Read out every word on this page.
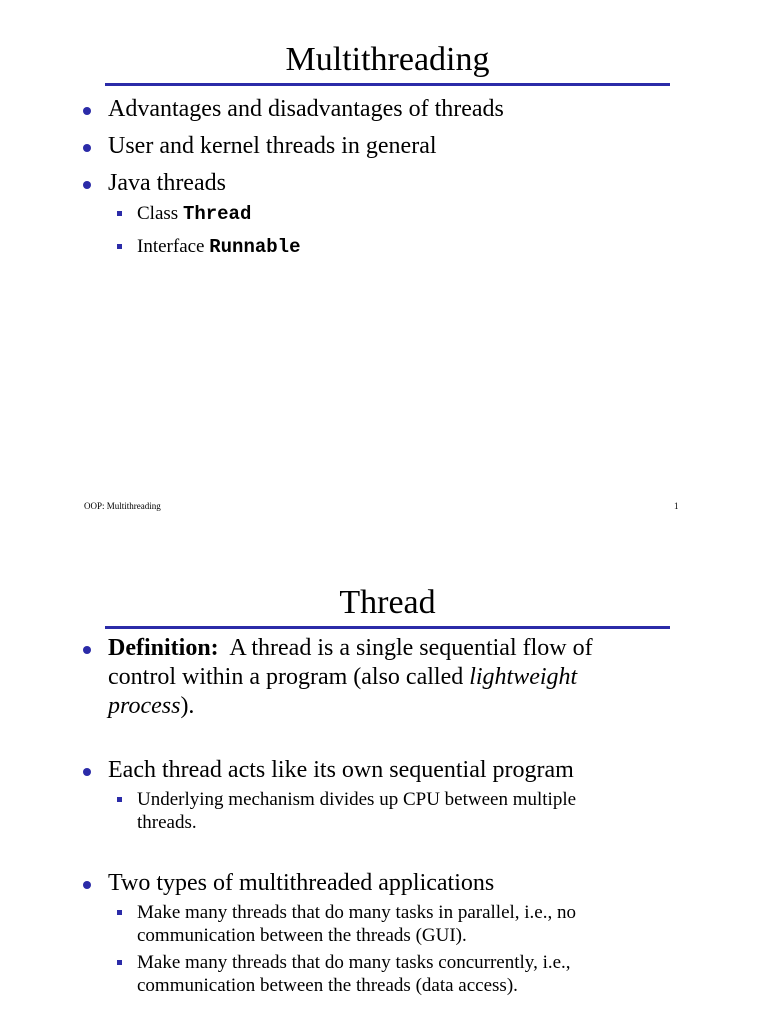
Multithreading
Advantages and disadvantages of threads
User and kernel threads in general
Java threads
Class Thread
Interface Runnable
OOP: Multithreading	1
Thread
Definition:  A thread is a single sequential flow of control within a program (also called lightweight process).
Each thread acts like its own sequential program
Underlying mechanism divides up CPU between multiple threads.
Two types of multithreaded applications
Make many threads that do many tasks in parallel, i.e., no communication between the threads (GUI).
Make many threads that do many tasks concurrently, i.e., communication between the threads (data access).
